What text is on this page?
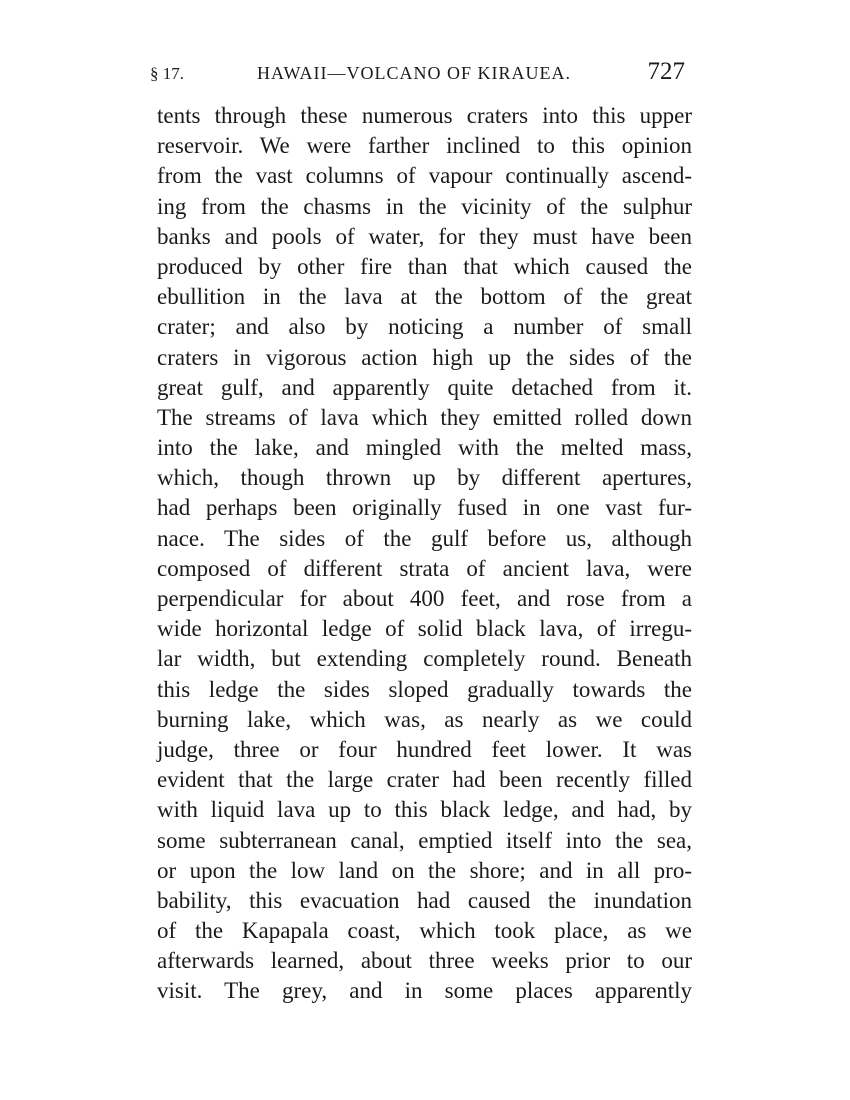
§ 17.	HAWAII—VOLCANO OF KIRAUEA.	727
tents through these numerous craters into this upper
reservoir. We were farther inclined to this opinion
from the vast columns of vapour continually ascend-
ing from the chasms in the vicinity of the sulphur
banks and pools of water, for they must have been
produced by other fire than that which caused the
ebullition in the lava at the bottom of the great
crater; and also by noticing a number of small
craters in vigorous action high up the sides of the
great gulf, and apparently quite detached from it.
The streams of lava which they emitted rolled down
into the lake, and mingled with the melted mass,
which, though thrown up by different apertures,
had perhaps been originally fused in one vast fur-
nace. The sides of the gulf before us, although
composed of different strata of ancient lava, were
perpendicular for about 400 feet, and rose from a
wide horizontal ledge of solid black lava, of irregu-
lar width, but extending completely round. Beneath
this ledge the sides sloped gradually towards the
burning lake, which was, as nearly as we could
judge, three or four hundred feet lower. It was
evident that the large crater had been recently filled
with liquid lava up to this black ledge, and had, by
some subterranean canal, emptied itself into the sea,
or upon the low land on the shore; and in all pro-
bability, this evacuation had caused the inundation
of the Kapapala coast, which took place, as we
afterwards learned, about three weeks prior to our
visit. The grey, and in some places apparently
